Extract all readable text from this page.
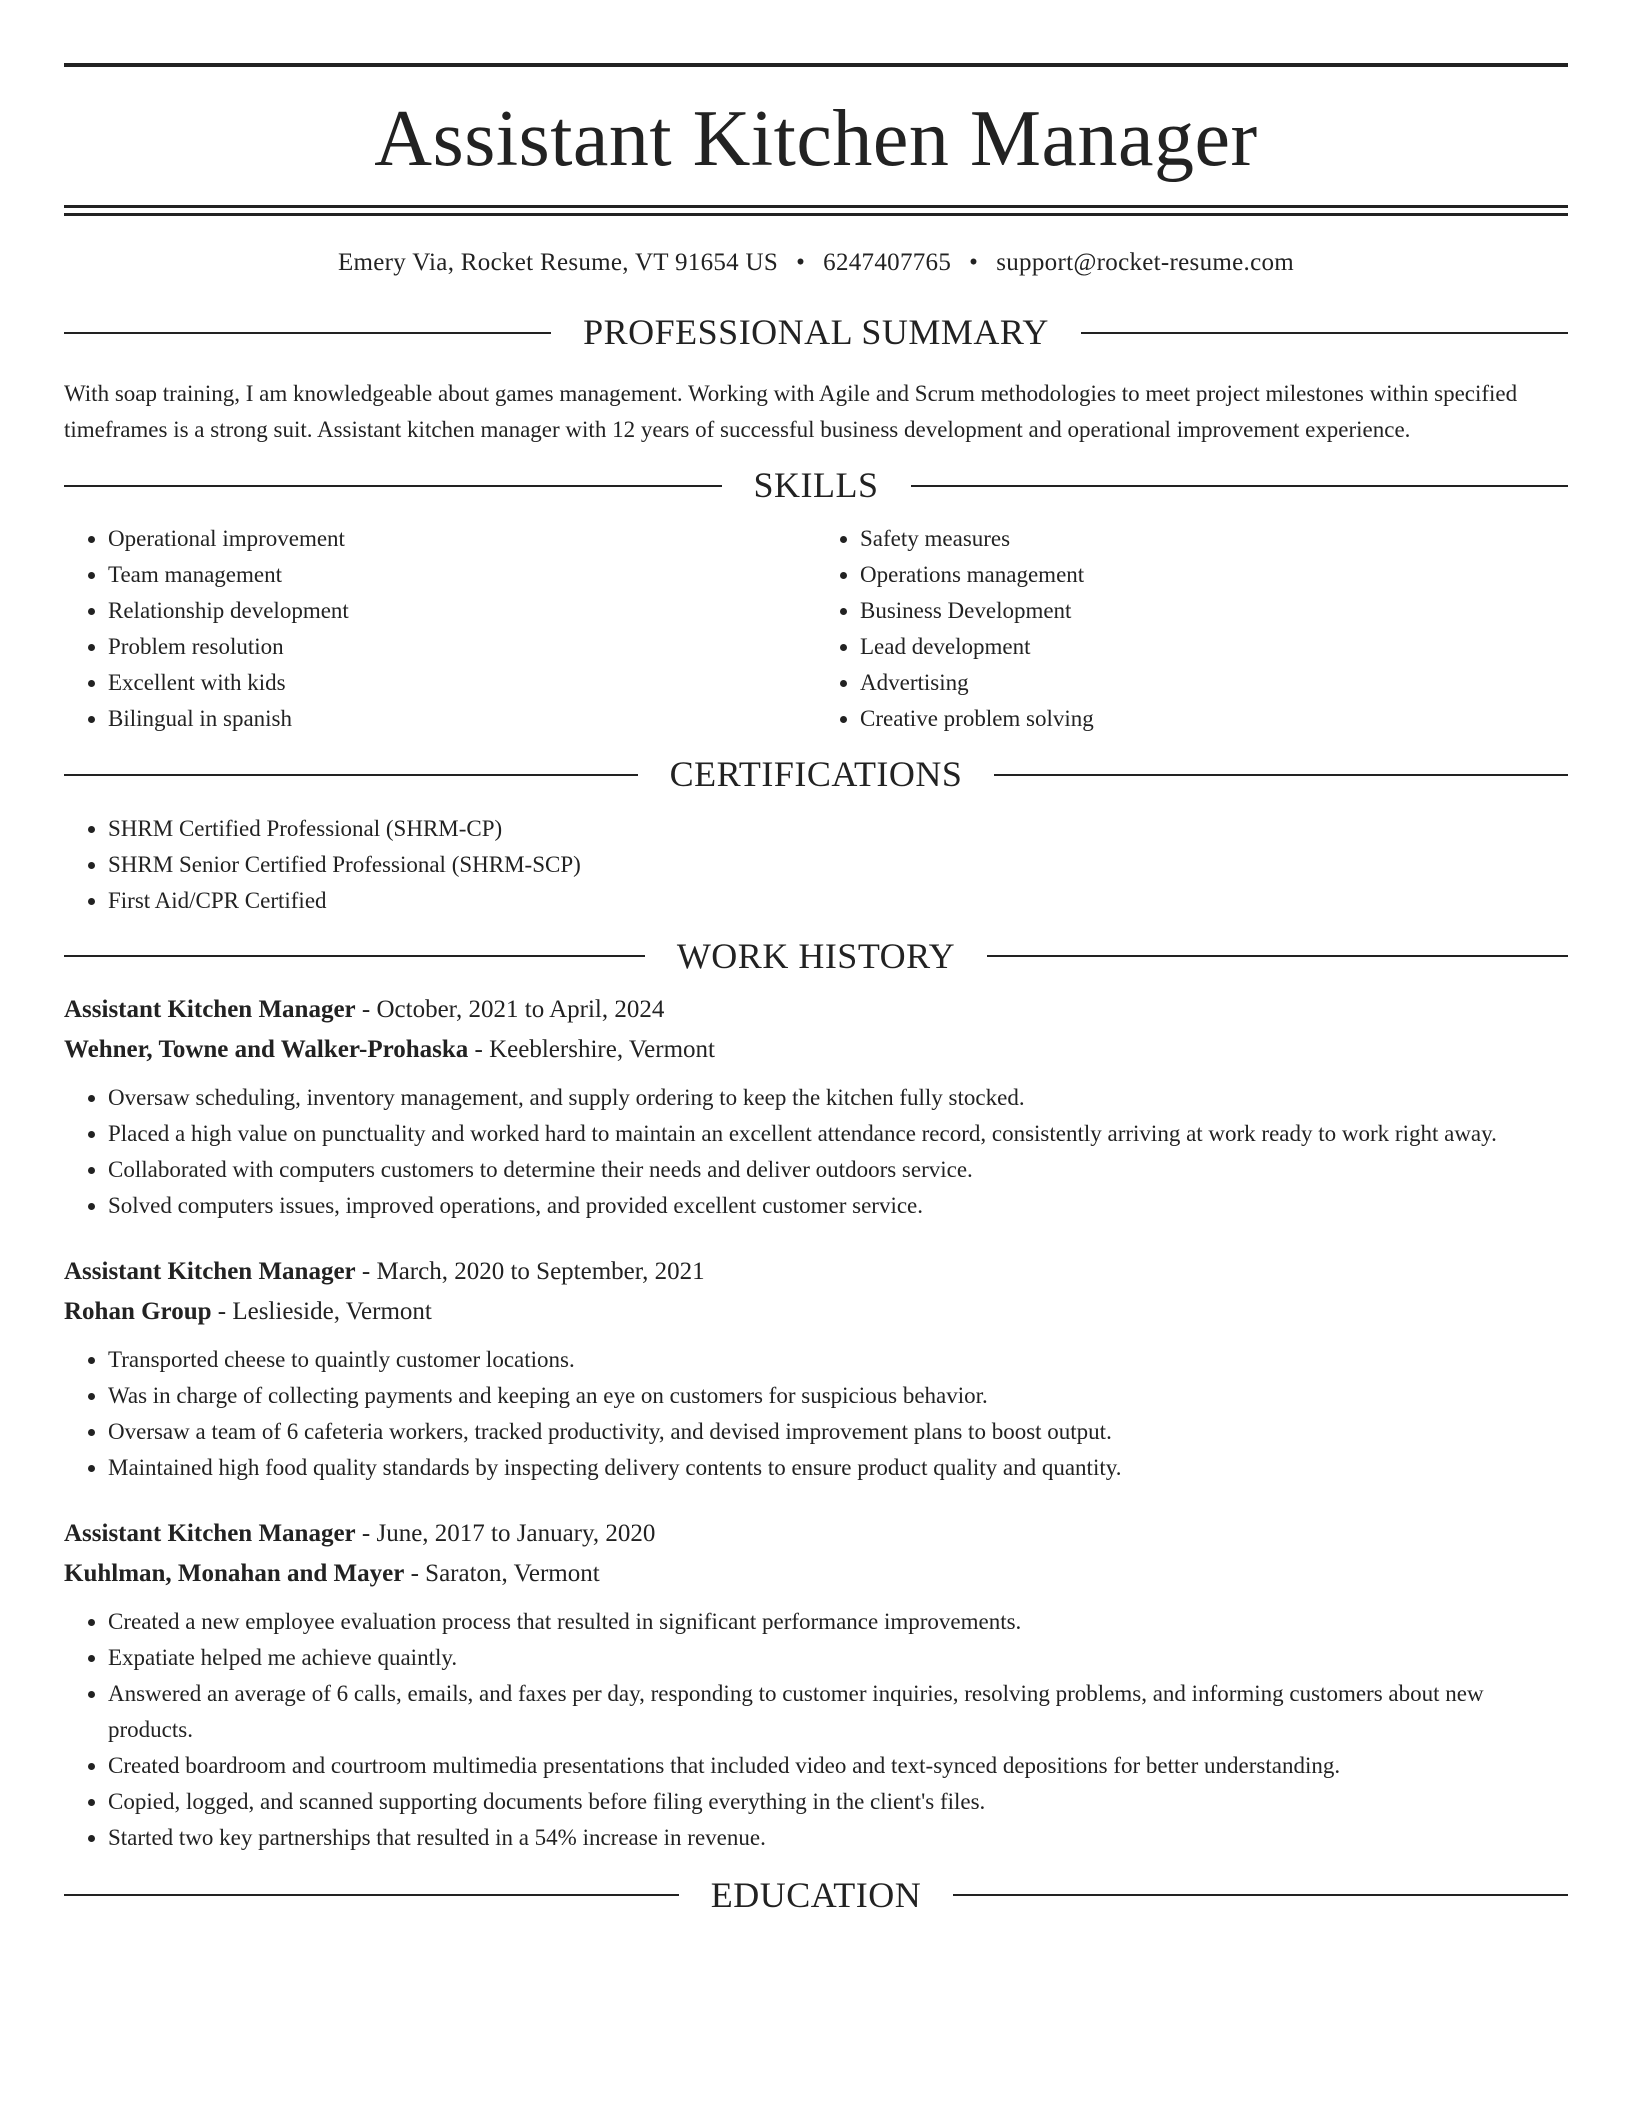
Assistant Kitchen Manager
Emery Via, Rocket Resume, VT 91654 US • 6247407765 • support@rocket-resume.com
PROFESSIONAL SUMMARY

With soap training, I am knowledgeable about games management. Working with Agile and Scrum methodologies to meet project milestones within specified timeframes is a strong suit. Assistant kitchen manager with 12 years of successful business development and operational improvement experience.

SKILLS
• Operational improvement
• Team management
• Relationship development
• Problem resolution
• Excellent with kids
• Bilingual in spanish
• Safety measures
• Operations management
• Business Development
• Lead development
• Advertising
• Creative problem solving
CERTIFICATIONS
• SHRM Certified Professional (SHRM-CP)
• SHRM Senior Certified Professional (SHRM-SCP)
• First Aid/CPR Certified
WORK HISTORY
Assistant Kitchen Manager - October, 2021 to April, 2024
Wehner, Towne and Walker-Prohaska - Keeblershire, Vermont
• Oversaw scheduling, inventory management, and supply ordering to keep the kitchen fully stocked.
• Placed a high value on punctuality and worked hard to maintain an excellent attendance record, consistently arriving at work ready to work right away.
• Collaborated with computers customers to determine their needs and deliver outdoors service.
• Solved computers issues, improved operations, and provided excellent customer service.
Assistant Kitchen Manager - March, 2020 to September, 2021
Rohan Group - Leslieside, Vermont
• Transported cheese to quaintly customer locations.
• Was in charge of collecting payments and keeping an eye on customers for suspicious behavior.
• Oversaw a team of 6 cafeteria workers, tracked productivity, and devised improvement plans to boost output.
• Maintained high food quality standards by inspecting delivery contents to ensure product quality and quantity.
Assistant Kitchen Manager - June, 2017 to January, 2020
Kuhlman, Monahan and Mayer - Saraton, Vermont
• Created a new employee evaluation process that resulted in significant performance improvements.
• Expatiate helped me achieve quaintly.
• Answered an average of 6 calls, emails, and faxes per day, responding to customer inquiries, resolving problems, and informing customers about new products.
• Created boardroom and courtroom multimedia presentations that included video and text-synced depositions for better understanding.
• Copied, logged, and scanned supporting documents before filing everything in the client's files.
• Started two key partnerships that resulted in a 54% increase in revenue.
EDUCATION
